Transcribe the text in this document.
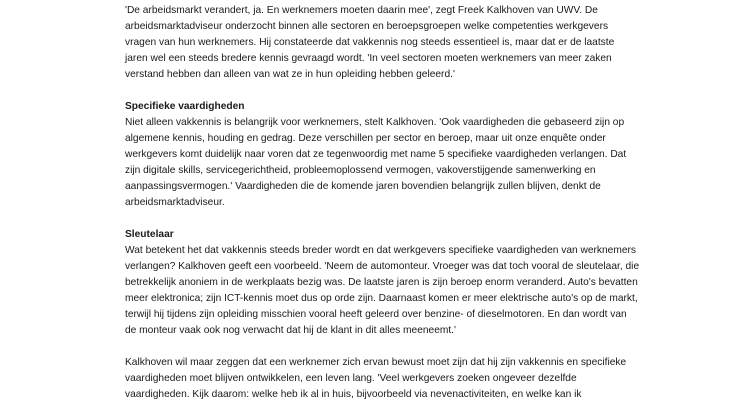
'De arbeidsmarkt verandert, ja. En werknemers moeten daarin mee', zegt Freek Kalkhoven van UWV. De
arbeidsmarktadviseur onderzocht binnen alle sectoren en beroepsgroepen welke competenties werkgevers
vragen van hun werknemers. Hij constateerde dat vakkennis nog steeds essentieel is, maar dat er de laatste
jaren wel een steeds bredere kennis gevraagd wordt. 'In veel sectoren moeten werknemers van meer zaken
verstand hebben dan alleen van wat ze in hun opleiding hebben geleerd.'

Specifieke vaardigheden

Niet alleen vakkennis is belangrijk voor werknemers, stelt Kalkhoven. 'Ook vaardigheden die gebaseerd zijn op
algemene kennis, houding en gedrag. Deze verschillen per sector en beroep, maar uit onze enquête onder
werkgevers komt duidelijk naar voren dat ze tegenwoordig met name 5 specifieke vaardigheden verlangen. Dat
zijn digitale skills, servicegerichtheid, probleemoplossend vermogen, vakoverstijgende samenwerking en
aanpassingsvermogen.' Vaardigheden die de komende jaren bovendien belangrijk zullen blijven, denkt de
arbeidsmarktadviseur.

Sleutelaar

Wat betekent het dat vakkennis steeds breder wordt en dat werkgevers specifieke vaardigheden van werknemers
verlangen? Kalkhoven geeft een voorbeeld. 'Neem de automonteur. Vroeger was dat toch vooral de sleutelaar, die
betrekkelijk anoniem in de werkplaats bezig was. De laatste jaren is zijn beroep enorm veranderd. Auto's bevatten
meer elektronica; zijn ICT-kennis moet dus op orde zijn. Daarnaast komen er meer elektrische auto's op de markt,
terwijl hij tijdens zijn opleiding misschien vooral heeft geleerd over benzine- of dieselmotoren. En dan wordt van
de monteur vaak ook nog verwacht dat hij de klant in dit alles meeneemt.'

Kalkhoven wil maar zeggen dat een werknemer zich ervan bewust moet zijn dat hij zijn vakkennis en specifieke
vaardigheden moet blijven ontwikkelen, een leven lang. 'Veel werkgevers zoeken ongeveer dezelfde
vaardigheden. Kijk daarom: welke heb ik al in huis, bijvoorbeeld via nevenactiviteiten, en welke kan ik
